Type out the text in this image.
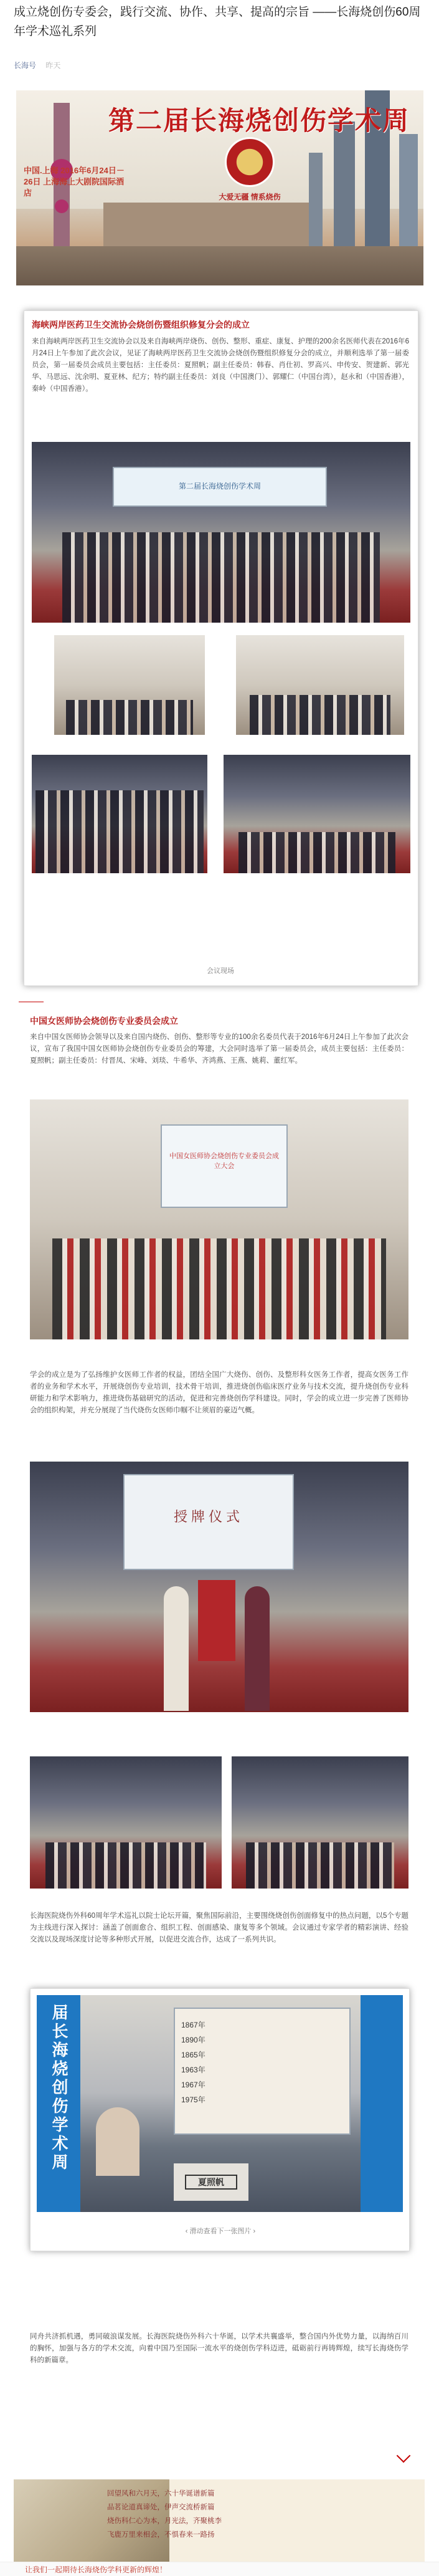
成立烧创伤专委会，践行交流、协作、共享、提高的宗旨 ——长海烧创伤60周年学术巡礼系列
长海号 昨天
第二届长海烧创伤学术周
中国.上海 2016年6月24日－26日 上海海上大剧院国际酒店	大爱无疆 情系烧伤
海峡两岸医药卫生交流协会烧创伤暨组织修复分会的成立
来自海峡两岸医药卫生交流协会以及来自海峡两岸烧伤、创伤、整形、重症、康复、护理的200余名医师代表在2016年6月24日上午参加了此次会议，见证了海峡两岸医药卫生交流协会烧创伤暨组织修复分会的成立，并顺利选举了第一届委员会，第一届委员会成员主要包括：主任委员：夏照帆；副主任委员：韩春、肖仕初、罗高兴、申传安、贺建新、郭光华、马思远、沈余明、夏亚林、纪方；特约副主任委员：刘良（中国澳门）、郭耀仁（中国台湾），赵永和（中国香港），秦岭（中国香港）。
第二届长海烧创伤学术周
会议现场
中国女医师协会烧创伤专业委员会成立
来自中国女医师协会领导以及来自国内烧伤、创伤、整形等专业的100余名委员代表于2016年6月24日上午参加了此次会议，宣布了我国中国女医师协会烧创伤专业委员会的筹建，大会同时选举了第一届委员会，成员主要包括：主任委员：夏照帆；副主任委员：付晋凤、宋峰、刘琰、牛希华、齐鸿燕、王燕、姚莉、董红军。
中国女医师协会烧创伤专业委员会成立大会
学会的成立是为了弘扬维护女医师工作者的权益，团结全国广大烧伤、创伤、及整形科女医务工作者，提高女医务工作者的业务和学术水平，开展烧创伤专业培训，技术骨干培训，推进烧创伤临床医疗业务与技术交流，提升烧创伤专业科研能力和学术影响力，推进烧伤基础研究的活动，促进和完善烧创伤学科建设。同时，学会的成立进一步完善了医师协会的组织构架，并充分展现了当代烧伤女医师巾帼不让须眉的豪迈气概。
授牌仪式
长海医院烧伤外科60周年学术巡礼以院士论坛开篇，聚焦国际前沿，主要围绕烧创伤创面修复中的热点问题，以5个专题为主线进行深入探讨：涵盖了创面愈合、组织工程、创面感染、康复等多个领域。会议通过专家学者的精彩演讲、经验交流以及现场深度讨论等多种形式开展，以促进交流合作，达成了一系列共识。
届长海烧创伤学术周	1867年
1890年
1865年
1963年
1967年
1975年
夏照帆
‹ 滑动查看下一张图片 ›
同舟共济抓机遇，勇同破浪谋发展。长海医院烧伤外科六十华诞，以学术共襄盛举，整合国内外优势力量，以海纳百川的胸怀，加强与各方的学术交流，向着中国乃至国际一流水平的烧创伤学科迈进，砥砺前行再铸辉煌，续写长海烧伤学科的新篇章。
回望风和六月天，六十华诞谱新篇
品茗论道真谛处，伊声交流桥新篇
烧伤科仁心为本，月光法，齐聚桃李
飞鹿万里来相会，不惧春来一路扬
让我们一起期待长海烧伤学科更新的辉煌！
